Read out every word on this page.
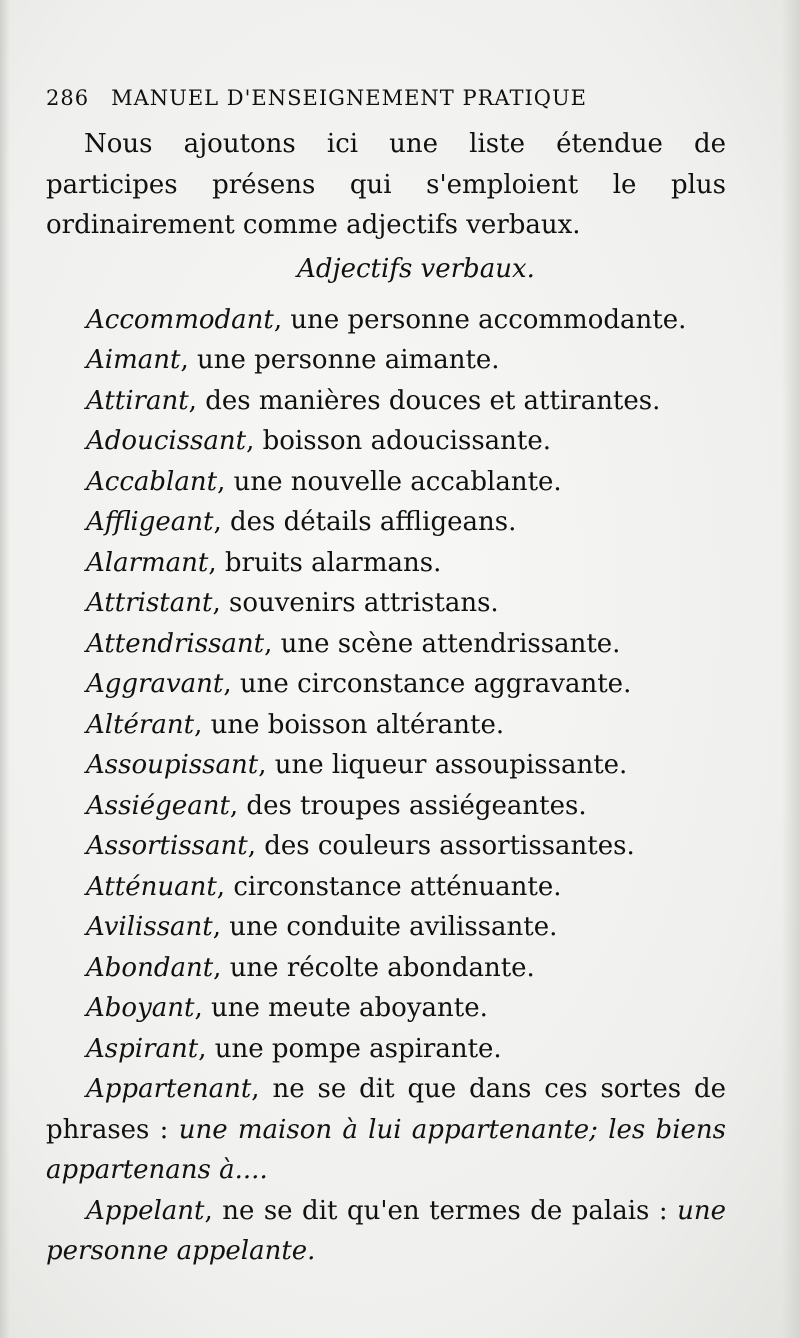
286 MANUEL D'ENSEIGNEMENT PRATIQUE

Nous ajoutons ici une liste étendue de participes présens qui s'emploient le plus ordinairement comme adjectifs verbaux.

Adjectifs verbaux.

Accommodant, une personne accommodante.
Aimant, une personne aimante.
Attirant, des manières douces et attirantes.
Adoucissant, boisson adoucissante.
Accablant, une nouvelle accablante.
Affligeant, des détails affligeans.
Alarmant, bruits alarmans.
Attristant, souvenirs attristans.
Attendrissant, une scène attendrissante.
Aggravant, une circonstance aggravante.
Altérant, une boisson altérante.
Assoupissant, une liqueur assoupissante.
Assiégeant, des troupes assiégeantes.
Assortissant, des couleurs assortissantes.
Atténuant, circonstance atténuante.
Avilissant, une conduite avilissante.
Abondant, une récolte abondante.
Aboyant, une meute aboyante.
Aspirant, une pompe aspirante.

Appartenant, ne se dit que dans ces sortes de phrases : une maison à lui appartenante; les biens appartenans à....

Appelant, ne se dit qu'en termes de palais : une personne appelante.
